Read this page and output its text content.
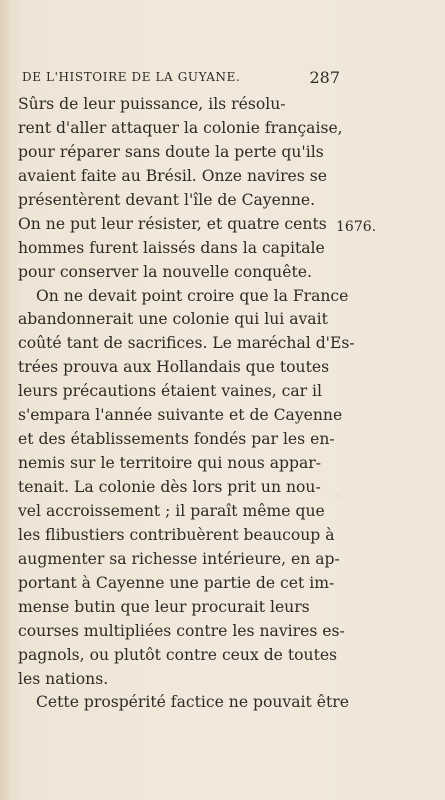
DE L'HISTOIRE DE LA GUYANE.	287
Sûrs de leur puissance, ils résolu-
rent d'aller attaquer la colonie française,
pour réparer sans doute la perte qu'ils
avaient faite au Brésil. Onze navires se
présentèrent devant l'île de Cayenne.
On ne put leur résister, et quatre cents
hommes furent laissés dans la capitale
pour conserver la nouvelle conquête.
On ne devait point croire que la France
abandonnerait une colonie qui lui avait
coûté tant de sacrifices. Le maréchal d'Es-
trées prouva aux Hollandais que toutes
leurs précautions étaient vaines, car il
s'empara l'année suivante et de Cayenne
et des établissements fondés par les en-
nemis sur le territoire qui nous appar-
tenait. La colonie dès lors prit un nou-
vel accroissement ; il paraît même que
les flibustiers contribuèrent beaucoup à
augmenter sa richesse intérieure, en ap-
portant à Cayenne une partie de cet im-
mense butin que leur procurait leurs
courses multipliées contre les navires es-
pagnols, ou plutôt contre ceux de toutes
les nations.
Cette prospérité factice ne pouvait être
1676.
